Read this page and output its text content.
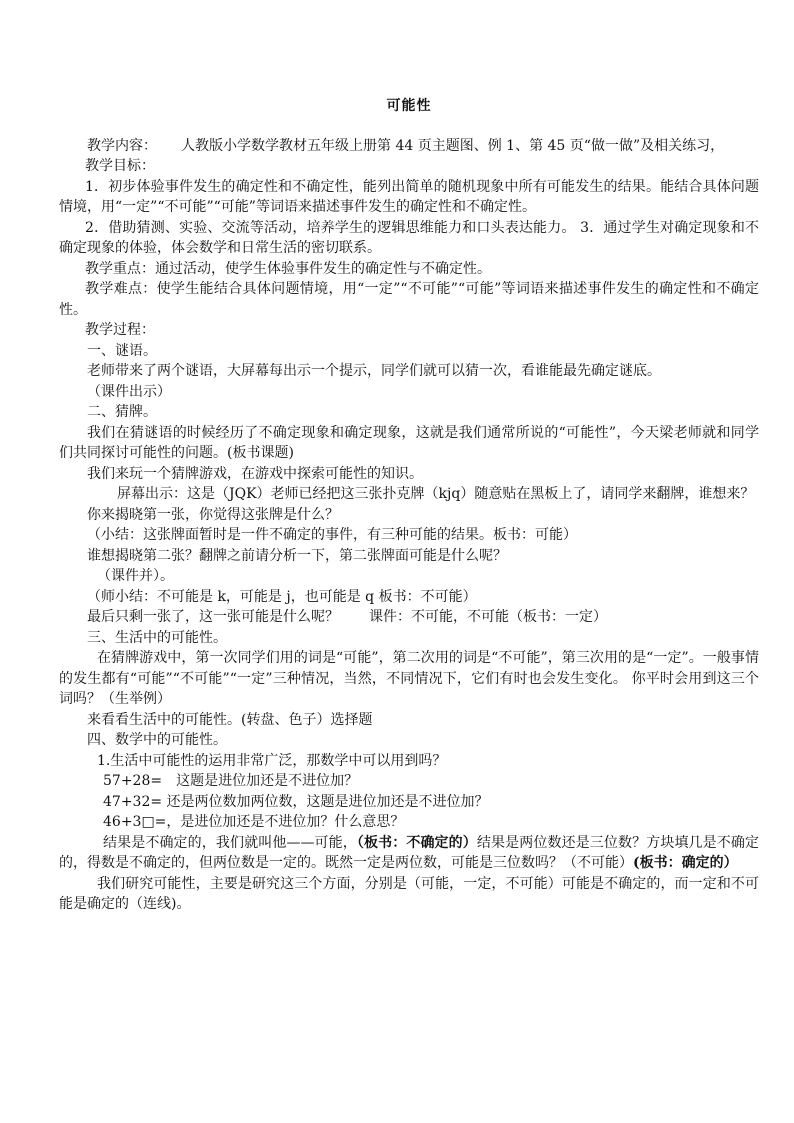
可能性

教学内容： 人教版小学数学教材五年级上册第 44 页主题图、例 1、第 45 页“做一做”及相关练习，

教学目标：

1．初步体验事件发生的确定性和不确定性，能列出简单的随机现象中所有可能发生的结果。能结合具体问题情境，用“一定”“不可能”“可能”等词语来描述事件发生的确定性和不确定性。

2．借助猜测、实验、交流等活动，培养学生的逻辑思维能力和口头表达能力。 3．通过学生对确定现象和不确定现象的体验，体会数学和日常生活的密切联系。

教学重点：通过活动，使学生体验事件发生的确定性与不确定性。

教学难点：使学生能结合具体问题情境，用“一定”“不可能”“可能”等词语来描述事件发生的确定性和不确定性。

教学过程：

一、谜语。

老师带来了两个谜语，大屏幕每出示一个提示，同学们就可以猜一次，看谁能最先确定谜底。

（课件出示）

二、猜牌。

我们在猜谜语的时候经历了不确定现象和确定现象，这就是我们通常所说的“可能性”，今天梁老师就和同学们共同探讨可能性的问题。(板书课题)

我们来玩一个猜牌游戏，在游戏中探索可能性的知识。

屏幕出示：这是（JQK）老师已经把这三张扑克牌（kjq）随意贴在黑板上了，请同学来翻牌，谁想来？

你来揭晓第一张，你觉得这张牌是什么？

（小结：这张牌面暂时是一件不确定的事件，有三种可能的结果。板书：可能）

谁想揭晓第二张？翻牌之前请分析一下，第二张牌面可能是什么呢？

（课件并）。

（师小结：不可能是 k，可能是 j，也可能是 q 板书：不可能）

最后只剩一张了，这一张可能是什么呢？ 课件：不可能，不可能（板书：一定）

三、生活中的可能性。

在猜牌游戏中，第一次同学们用的词是“可能”，第二次用的词是“不可能”，第三次用的是“一定”。一般事情的发生都有“可能”“不可能”“一定”三种情况，当然，不同情况下，它们有时也会发生变化。 你平时会用到这三个词吗？（生举例）

来看看生活中的可能性。(转盘、色子）选择题

四、数学中的可能性。

1.生活中可能性的运用非常广泛，那数学中可以用到吗？

57+28=　这题是进位加还是不进位加？

47+32= 还是两位数加两位数，这题是进位加还是不进位加？

46+3□=，是进位加还是不进位加？什么意思？

结果是不确定的，我们就叫他——可能，（板书：不确定的）结果是两位数还是三位数？方块填几是不确定的，得数是不确定的，但两位数是一定的。既然一定是两位数，可能是三位数吗？（不可能）(板书：确定的）

我们研究可能性，主要是研究这三个方面，分别是（可能，一定，不可能）可能是不确定的，而一定和不可能是确定的（连线)。
